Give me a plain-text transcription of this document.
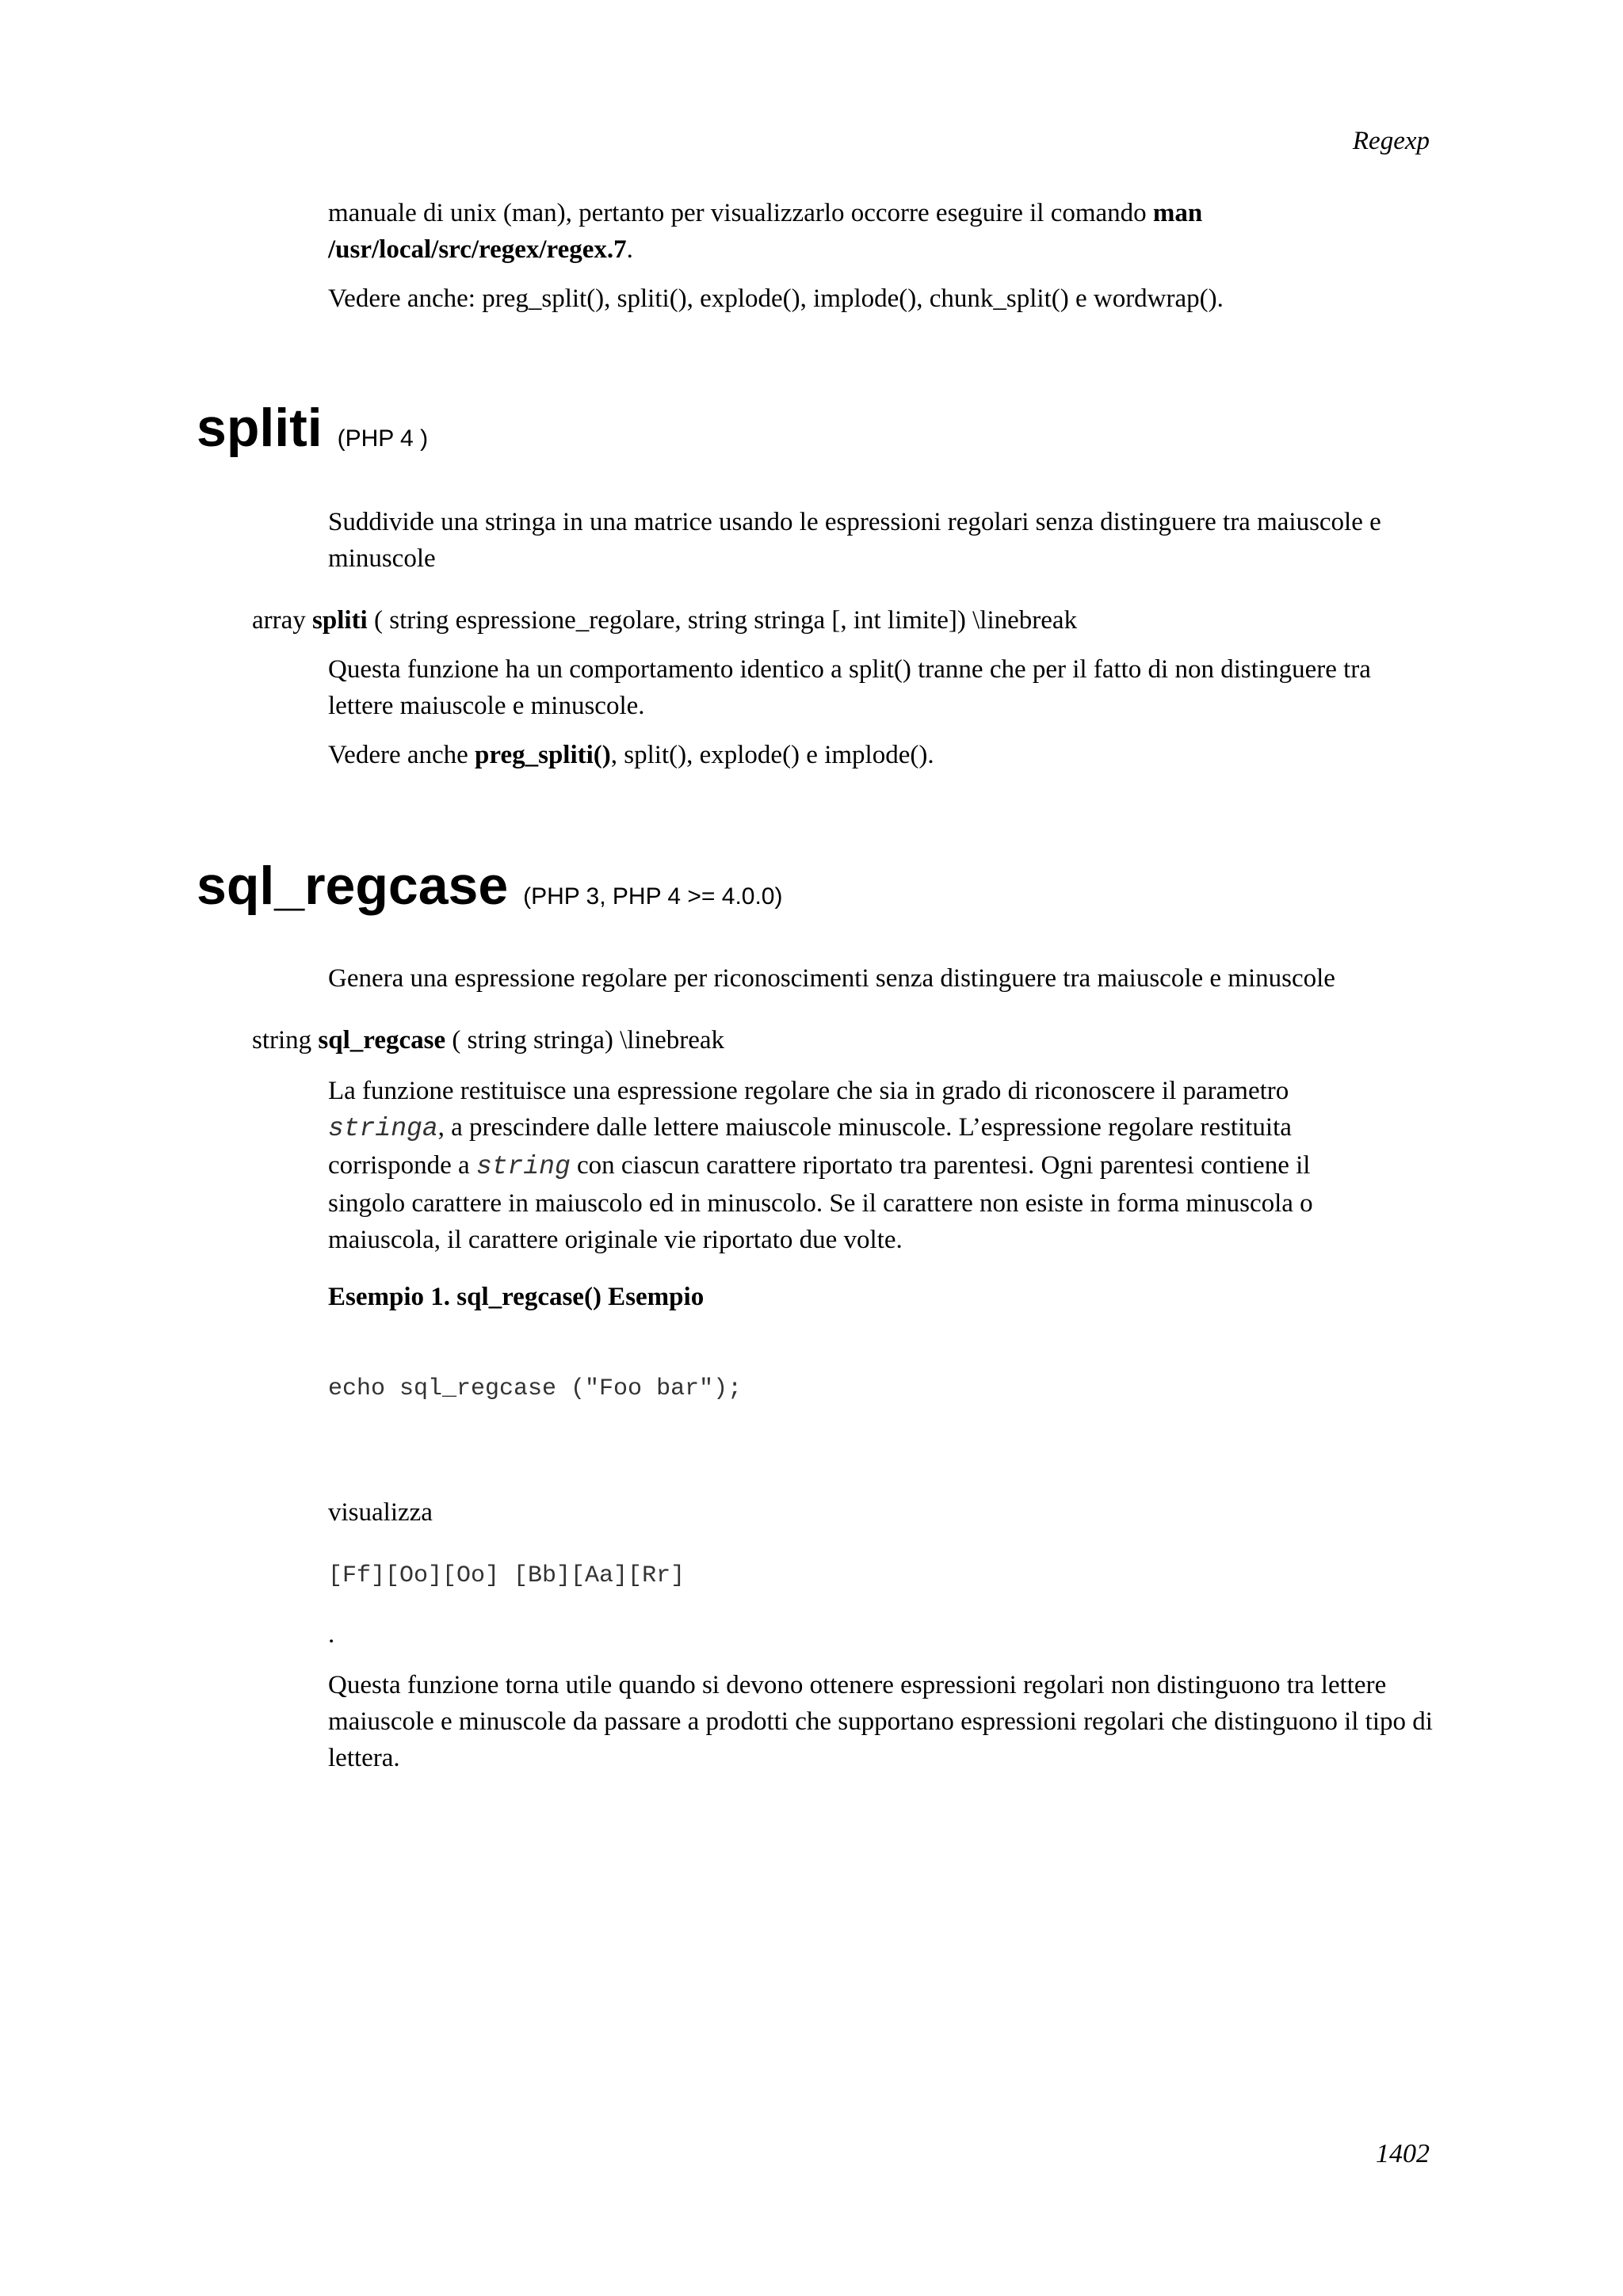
Regexp
manuale di unix (man), pertanto per visualizzarlo occorre eseguire il comando man /usr/local/src/regex/regex.7.
Vedere anche: preg_split(), spliti(), explode(), implode(), chunk_split() e wordwrap().
spliti (PHP 4 )
Suddivide una stringa in una matrice usando le espressioni regolari senza distinguere tra maiuscole e minuscole
array spliti ( string espressione_regolare, string stringa [, int limite]) \linebreak
Questa funzione ha un comportamento identico a split() tranne che per il fatto di non distinguere tra lettere maiuscole e minuscole.
Vedere anche preg_spliti(), split(), explode() e implode().
sql_regcase (PHP 3, PHP 4 >= 4.0.0)
Genera una espressione regolare per riconoscimenti senza distinguere tra maiuscole e minuscole
string sql_regcase ( string stringa) \linebreak
La funzione restituisce una espressione regolare che sia in grado di riconoscere il parametro stringa, a prescindere dalle lettere maiuscole minuscole. L’espressione regolare restituita corrisponde a string con ciascun carattere riportato tra parentesi. Ogni parentesi contiene il singolo carattere in maiuscolo ed in minuscolo. Se il carattere non esiste in forma minuscola o maiuscola, il carattere originale vie riportato due volte.
Esempio 1. sql_regcase() Esempio
echo sql_regcase ("Foo bar");
visualizza
[Ff][Oo][Oo] [Bb][Aa][Rr]
.
Questa funzione torna utile quando si devono ottenere espressioni regolari non distinguono tra lettere maiuscole e minuscole da passare a prodotti che supportano espressioni regolari che distinguono il tipo di lettera.
1402
